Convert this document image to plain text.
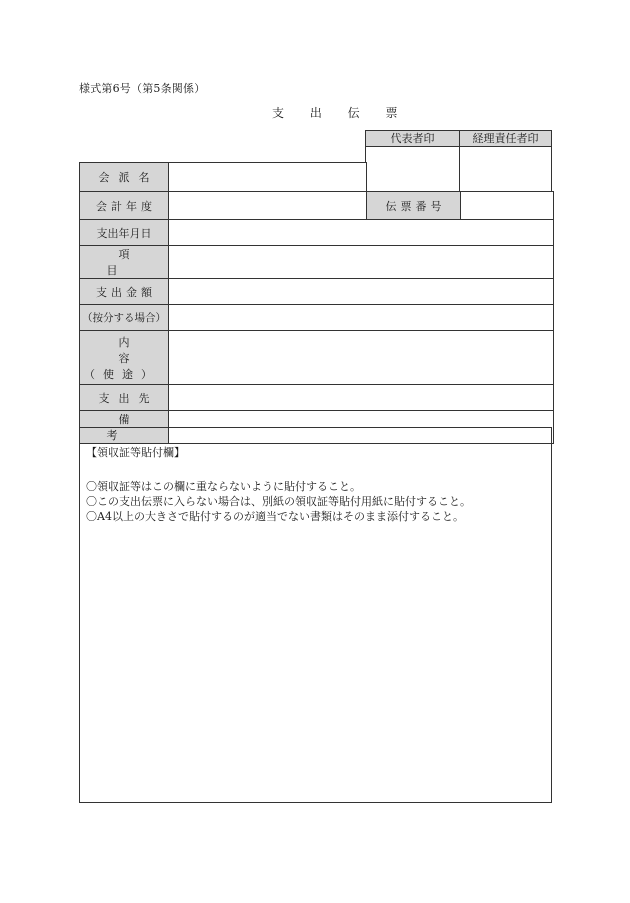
様式第6号（第5条関係）
支 出 伝 票
代表者印	経理責任者印

会派名			
会計年度		伝票番号	
支出年月日			
項目			
支出金額			
（按分する場合）			

内容
（使途）			

支出先			
備考			
【領収証等貼付欄】
〇領収証等はこの欄に重ならないように貼付すること。
〇この支出伝票に入らない場合は、別紙の領収証等貼付用紙に貼付すること。
〇A4以上の大きさで貼付するのが適当でない書類はそのまま添付すること。
